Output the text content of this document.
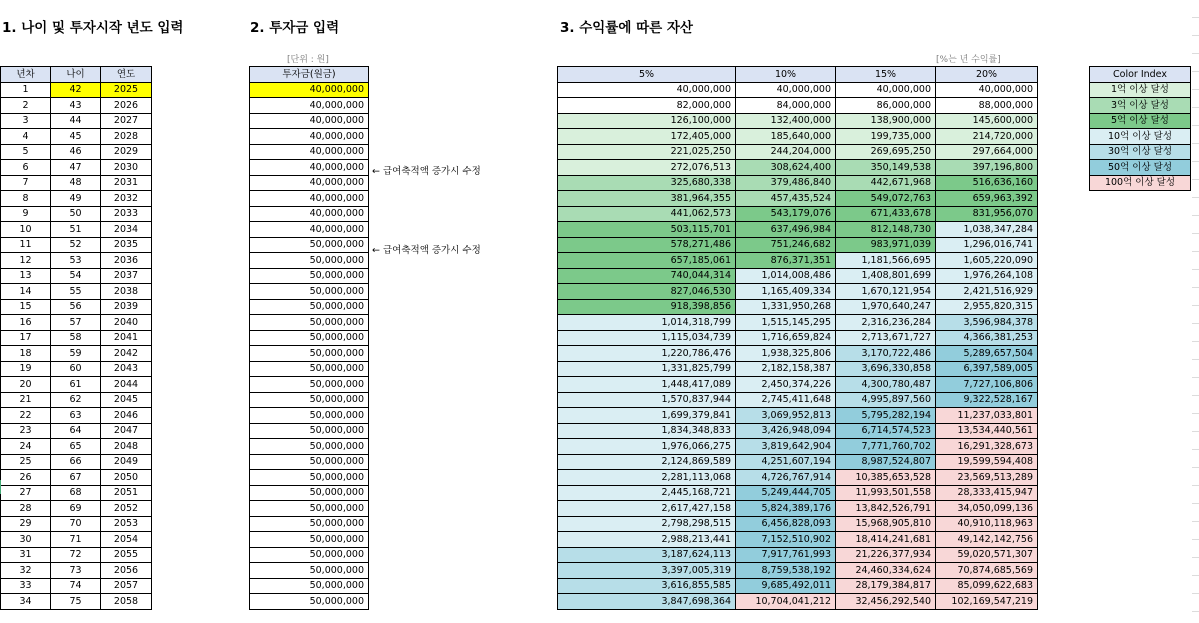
1. 나이 및 투자시작 년도 입력	2. 투자금 입력	3. 수익률에 따른 자산
[단위 : 원]	[%는 년 수익률]
년차	나이	연도
1	42	2025
2	43	2026
3	44	2027
4	45	2028
5	46	2029
6	47	2030
7	48	2031
8	49	2032
9	50	2033
10	51	2034
11	52	2035
12	53	2036
13	54	2037
14	55	2038
15	56	2039
16	57	2040
17	58	2041
18	59	2042
19	60	2043
20	61	2044
21	62	2045
22	63	2046
23	64	2047
24	65	2048
25	66	2049
26	67	2050
27	68	2051
28	69	2052
29	70	2053
30	71	2054
31	72	2055
32	73	2056
33	74	2057
34	75	2058
투자금(원금)
40,000,000
40,000,000
40,000,000
40,000,000
40,000,000
40,000,000
40,000,000
40,000,000
40,000,000
40,000,000
50,000,000
50,000,000
50,000,000
50,000,000
50,000,000
50,000,000
50,000,000
50,000,000
50,000,000
50,000,000
50,000,000
50,000,000
50,000,000
50,000,000
50,000,000
50,000,000
50,000,000
50,000,000
50,000,000
50,000,000
50,000,000
50,000,000
50,000,000
50,000,000
← 급여축적액 증가시 수정
← 급여축적액 증가시 수정
5%	10%	15%	20%
40,000,000	40,000,000	40,000,000	40,000,000
82,000,000	84,000,000	86,000,000	88,000,000
126,100,000	132,400,000	138,900,000	145,600,000
172,405,000	185,640,000	199,735,000	214,720,000
221,025,250	244,204,000	269,695,250	297,664,000
272,076,513	308,624,400	350,149,538	397,196,800
325,680,338	379,486,840	442,671,968	516,636,160
381,964,355	457,435,524	549,072,763	659,963,392
441,062,573	543,179,076	671,433,678	831,956,070
503,115,701	637,496,984	812,148,730	1,038,347,284
578,271,486	751,246,682	983,971,039	1,296,016,741
657,185,061	876,371,351	1,181,566,695	1,605,220,090
740,044,314	1,014,008,486	1,408,801,699	1,976,264,108
827,046,530	1,165,409,334	1,670,121,954	2,421,516,929
918,398,856	1,331,950,268	1,970,640,247	2,955,820,315
1,014,318,799	1,515,145,295	2,316,236,284	3,596,984,378
1,115,034,739	1,716,659,824	2,713,671,727	4,366,381,253
1,220,786,476	1,938,325,806	3,170,722,486	5,289,657,504
1,331,825,799	2,182,158,387	3,696,330,858	6,397,589,005
1,448,417,089	2,450,374,226	4,300,780,487	7,727,106,806
1,570,837,944	2,745,411,648	4,995,897,560	9,322,528,167
1,699,379,841	3,069,952,813	5,795,282,194	11,237,033,801
1,834,348,833	3,426,948,094	6,714,574,523	13,534,440,561
1,976,066,275	3,819,642,904	7,771,760,702	16,291,328,673
2,124,869,589	4,251,607,194	8,987,524,807	19,599,594,408
2,281,113,068	4,726,767,914	10,385,653,528	23,569,513,289
2,445,168,721	5,249,444,705	11,993,501,558	28,333,415,947
2,617,427,158	5,824,389,176	13,842,526,791	34,050,099,136
2,798,298,515	6,456,828,093	15,968,905,810	40,910,118,963
2,988,213,441	7,152,510,902	18,414,241,681	49,142,142,756
3,187,624,113	7,917,761,993	21,226,377,934	59,020,571,307
3,397,005,319	8,759,538,192	24,460,334,624	70,874,685,569
3,616,855,585	9,685,492,011	28,179,384,817	85,099,622,683
3,847,698,364	10,704,041,212	32,456,292,540	102,169,547,219
Color Index
1억 이상 달성
3억 이상 달성
5억 이상 달성
10억 이상 달성
30억 이상 달성
50억 이상 달성
100억 이상 달성
